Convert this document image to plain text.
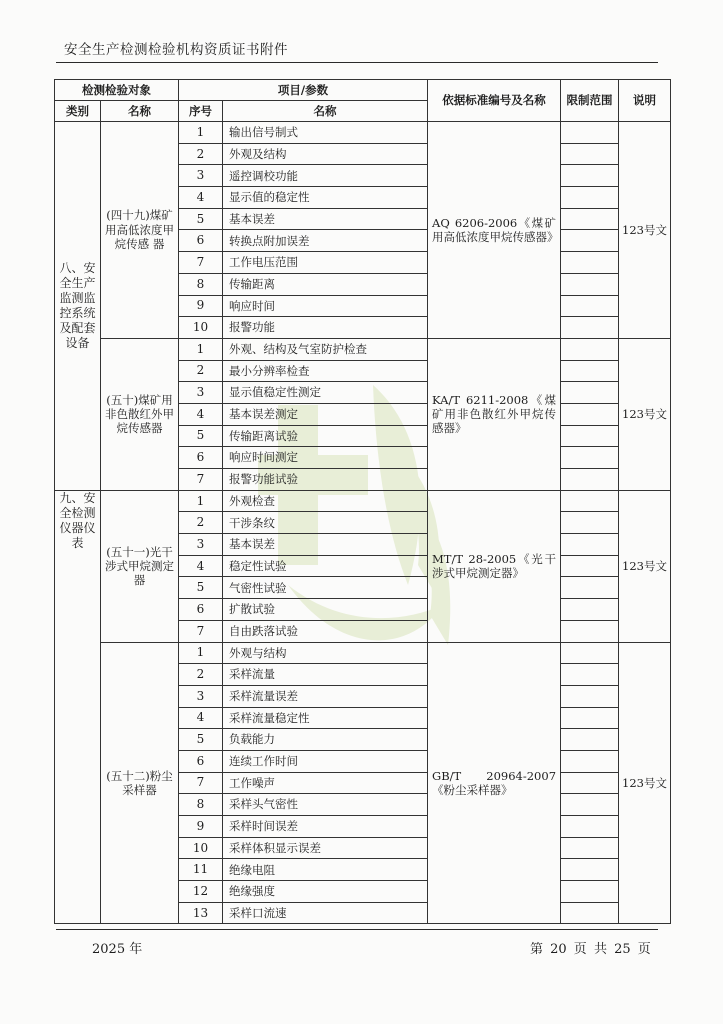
安全生产检测检验机构资质证书附件
检测检验对象		项目/参数		依据标准编号及名称	限制范围	说明
类别	名称	序号	名称			
八、安全生产监测监控系统及配套设备	(四十九)煤矿用高低浓度甲烷传感 器	1	输出信号制式	AQ 6206-2006《煤矿用高低浓度甲烷传感器》		123号文
		2	外观及结构			
		3	遥控调校功能			
		4	显示值的稳定性			
		5	基本误差			
		6	转换点附加误差			
		7	工作电压范围			
		8	传输距离			
		9	响应时间			
		10	报警功能			
	(五十)煤矿用非色散红外甲烷传感器	1	外观、结构及气室防护检查	KA/T 6211-2008《煤矿用非色散红外甲烷传感器》		123号文
		2	最小分辨率检查			
		3	显示值稳定性测定			
		4	基本误差测定			
		5	传输距离试验			
		6	响应时间测定			
		7	报警功能试验			
九、安全检测仪器仪表	(五十一)光干涉式甲烷测定器	1	外观检查	MT/T 28-2005《光干涉式甲烷测定器》		123号文
		2	干涉条纹			
		3	基本误差			
		4	稳定性试验			
		5	气密性试验			
		6	扩散试验			
		7	自由跌落试验			
	(五十二)粉尘采样器	1	外观与结构	GB/T 20964-2007《粉尘采样器》		123号文
		2	采样流量			
		3	采样流量误差			
		4	采样流量稳定性			
		5	负载能力			
		6	连续工作时间			
		7	工作噪声			
		8	采样头气密性			
		9	采样时间误差			
		10	采样体积显示误差			
		11	绝缘电阻			
		12	绝缘强度			
		13	采样口流速			
2025 年	第 20 页 共 25 页
